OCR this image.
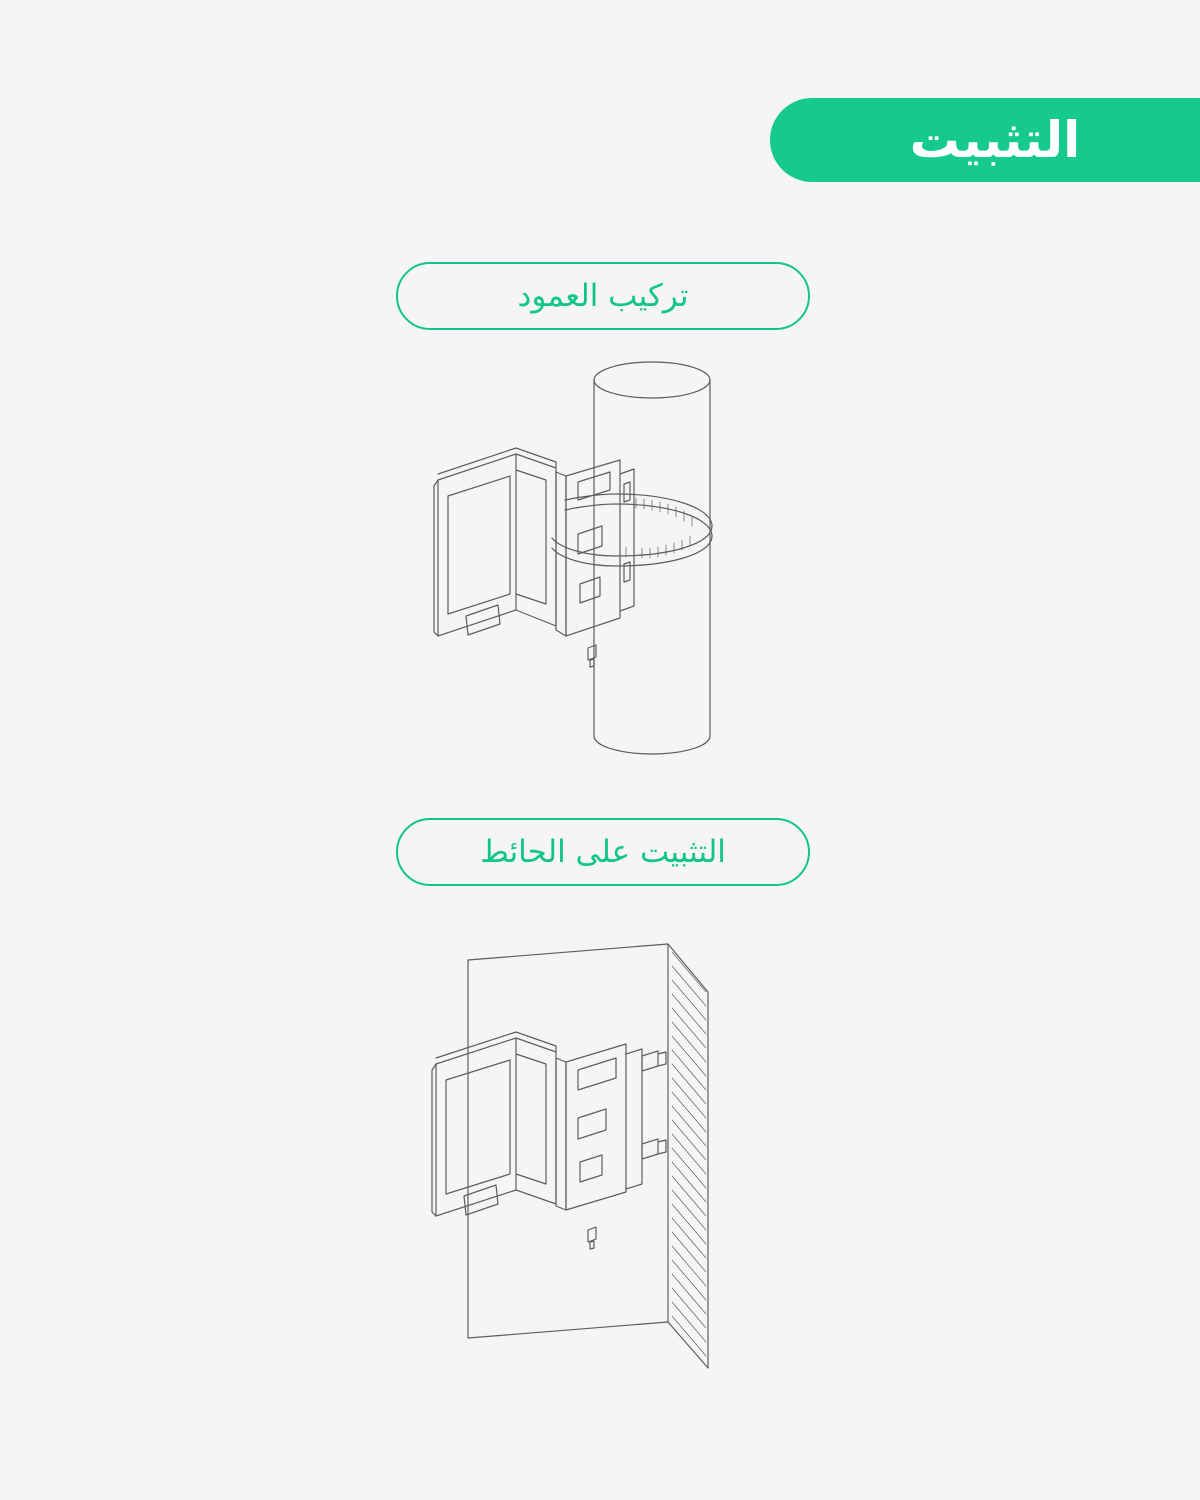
التثبيت
تركيب العمود
التثبيت على الحائط
